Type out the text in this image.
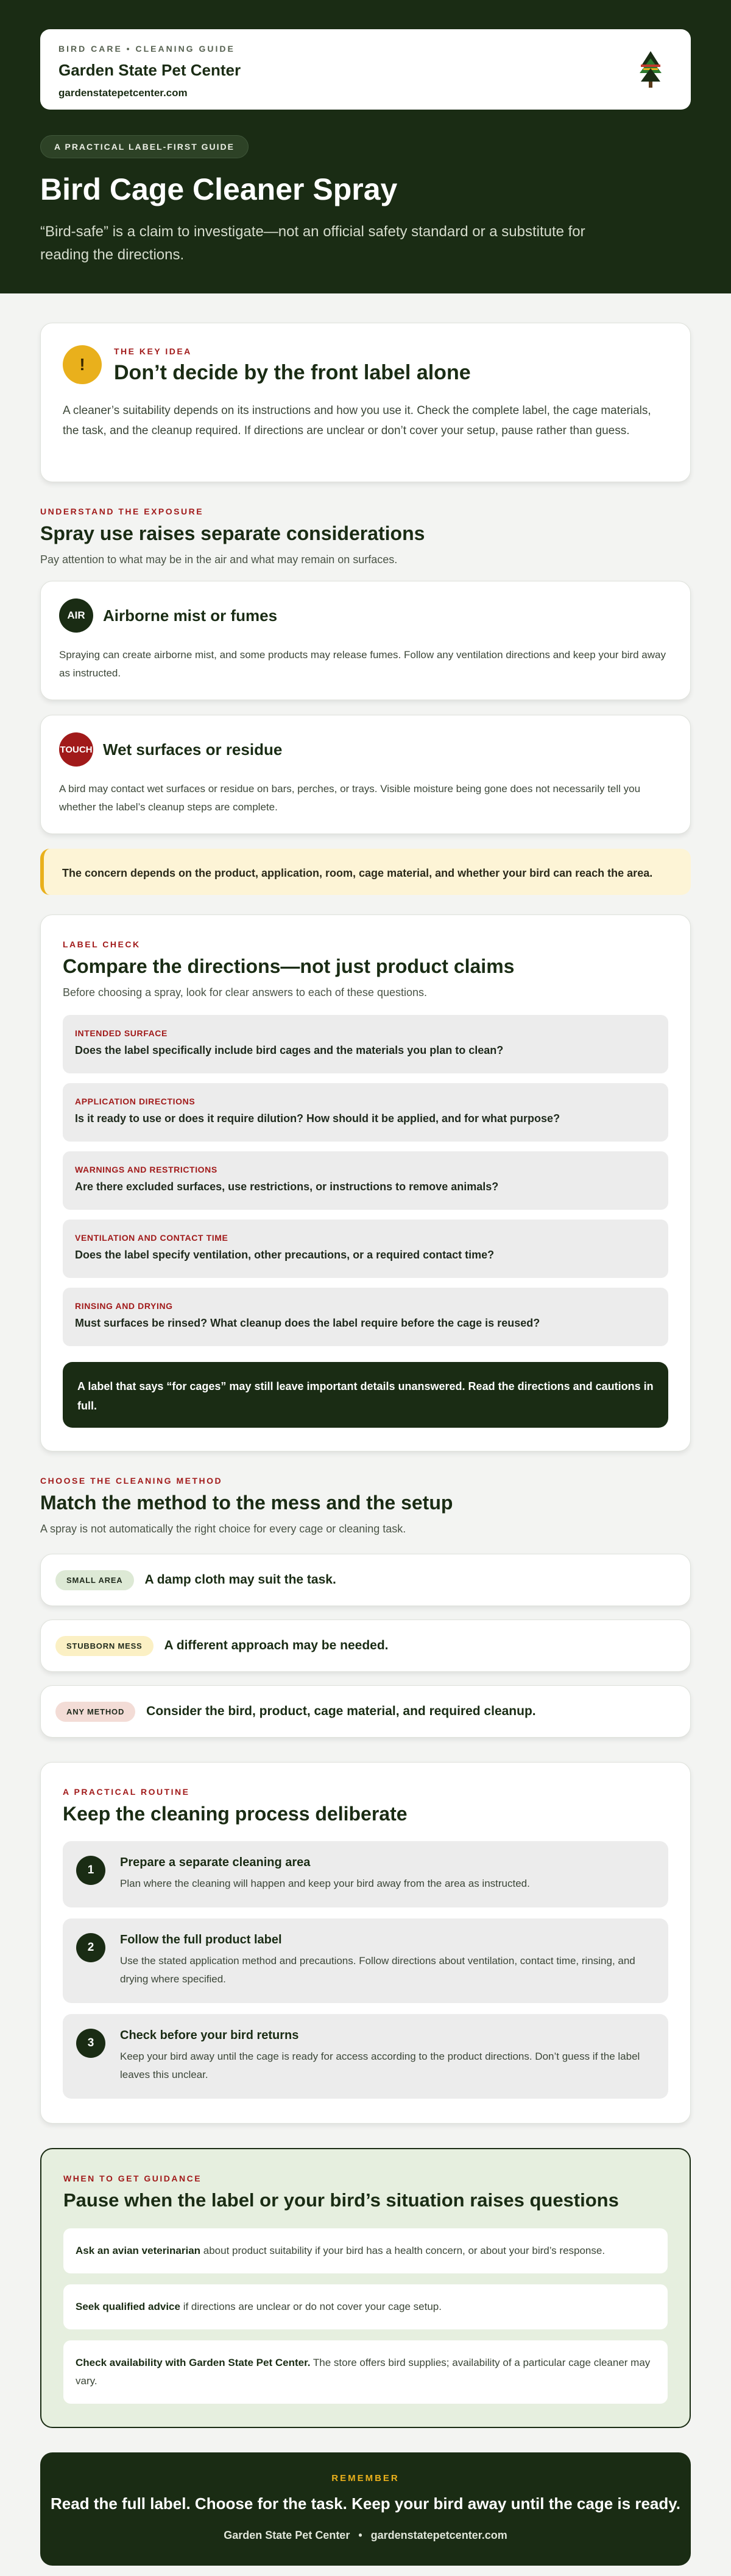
BIRD CARE • CLEANING GUIDE
Garden State Pet Center
gardenstatepetcenter.com
A PRACTICAL LABEL-FIRST GUIDE
Bird Cage Cleaner Spray

“Bird-safe” is a claim to investigate—not an official safety standard or a substitute for reading the directions.

!
THE KEY IDEA
Don’t decide by the front label alone

A cleaner’s suitability depends on its instructions and how you use it. Check the complete label, the cage materials, the task, and the cleanup required. If directions are unclear or don’t cover your setup, pause rather than guess.

UNDERSTAND THE EXPOSURE
Spray use raises separate considerations

Pay attention to what may be in the air and what may remain on surfaces.

AIR	Airborne mist or fumes

Spraying can create airborne mist, and some products may release fumes. Follow any ventilation directions and keep your bird away as instructed.

TOUCH Wet surfaces or residue

A bird may contact wet surfaces or residue on bars, perches, or trays. Visible moisture being gone does not necessarily tell you whether the label’s cleanup steps are complete.

The concern depends on the product, application, room, cage material, and whether your bird can reach the area.
LABEL CHECK
Compare the directions—not just product claims

Before choosing a spray, look for clear answers to each of these questions.

INTENDED SURFACE
Does the label specifically include bird cages and the materials you plan to clean?
APPLICATION DIRECTIONS
Is it ready to use or does it require dilution? How should it be applied, and for what purpose?
WARNINGS AND RESTRICTIONS
Are there excluded surfaces, use restrictions, or instructions to remove animals?
VENTILATION AND CONTACT TIME
Does the label specify ventilation, other precautions, or a required contact time?
RINSING AND DRYING
Must surfaces be rinsed? What cleanup does the label require before the cage is reused?
A label that says “for cages” may still leave important details unanswered. Read the directions and cautions in full.
CHOOSE THE CLEANING METHOD
Match the method to the mess and the setup

A spray is not automatically the right choice for every cage or cleaning task.

SMALL AREA	A damp cloth may suit the task.
STUBBORN MESS	A different approach may be needed.
ANY METHOD	Consider the bird, product, cage material, and required cleanup.
A PRACTICAL ROUTINE
Keep the cleaning process deliberate
1
Prepare a separate cleaning area
Plan where the cleaning will happen and keep your bird away from the area as instructed.
2
Follow the full product label
Use the stated application method and precautions. Follow directions about ventilation, contact time, rinsing, and drying where specified.
3
Check before your bird returns
Keep your bird away until the cage is ready for access according to the product directions. Don’t guess if the label leaves this unclear.
WHEN TO GET GUIDANCE
Pause when the label or your bird’s situation raises questions
Ask an avian veterinarian about product suitability if your bird has a health concern, or about your bird’s response.
Seek qualified advice if directions are unclear or do not cover your cage setup.
Check availability with Garden State Pet Center. The store offers bird supplies; availability of a particular cage cleaner may vary.
REMEMBER
Read the full label. Choose for the task. Keep your bird away until the cage is ready.
Garden State Pet Center • gardenstatepetcenter.com
